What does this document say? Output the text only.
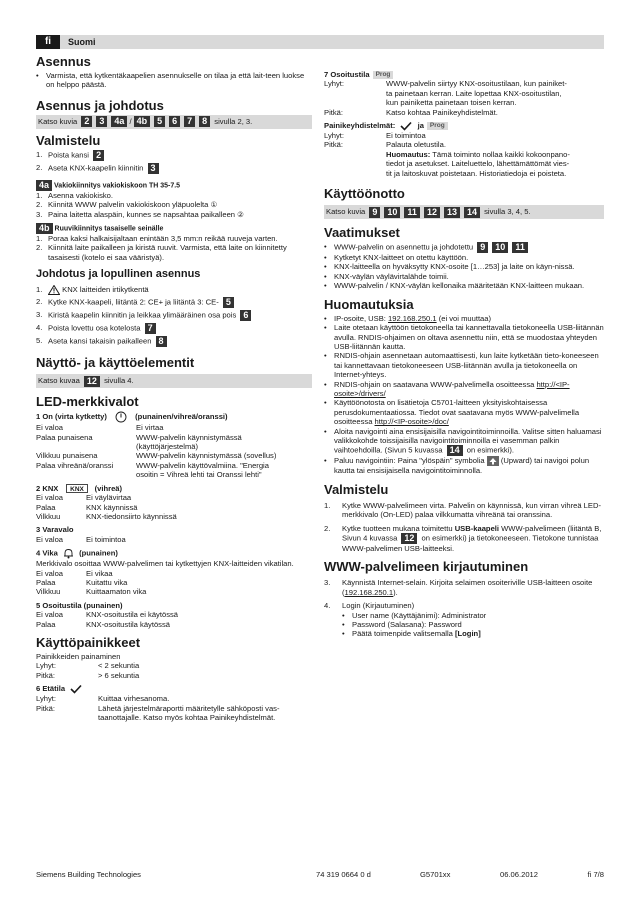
fi	Suomi
Asennus
• Varmista, että kytkentäkaapelien asennukselle on tilaa ja että lait-teen luokse on helppo päästä.
Asennus ja johdotus
Katso kuvia 2 3 4a / 4b 5 6 7 8 sivulla 2, 3.
Valmistelu
1. Poista kansi 2
2. Aseta KNX-kaapelin kiinnitin 3
4a Vakiokiinnitys vakiokiskoon TH 35-7.5
1. Asenna vakiokisko.
2. Kiinnitä WWW palvelin vakiokiskoon yläpuolelta ①
3. Paina laitetta alaspäin, kunnes se napsahtaa paikalleen ②
4b Ruuvikiinnitys tasaiselle seinälle
1. Poraa kaksi halkaisijaltaan enintään 3,5 mm:n reikää ruuveja varten.
2. Kiinnitä laite paikalleen ja kiristä ruuvit. Varmista, että laite on kiinnitetty tasaisesti (kotelo ei saa vääristyä).
Johdotus ja lopullinen asennus
1.	KNX laitteiden irtikytkentä
2. Kytke KNX-kaapeli, liitäntä 2: CE+ ja liitäntä 3: CE- 5
3. Kiristä kaapelin kiinnitin ja leikkaa ylimääräinen osa pois 6
4. Poista lovettu osa kotelosta 7
5. Aseta kansi takaisin paikalleen 8
Näyttö- ja käyttöelementit
Katso kuvaa 12 sivulla 4.
LED-merkkivalot
1 On (virta kytketty)	(punainen/vihreä/oranssi)
Ei valoa	Ei virtaa
Palaa punaisena	WWW-palvelin käynnistymässä
(käyttöjärjestelmä)
Vilkkuu punaisena	WWW-palvelin käynnistymässä (sovellus)
Palaa vihreänä/oranssi	WWW-palvelin käyttövalmiina. "Energia
osoitin = Vihreä lehti tai Oranssi lehti"
2 KNX KNX (vihreä)
Ei valoa	Ei väylävirtaa
Palaa	KNX käynnissä
Vilkkuu	KNX-tiedonsiirto käynnissä
3 Varavalo
Ei valoa	Ei toimintoa
4 Vika	(punainen)
Merkkivalo osoittaa WWW-palvelimen tai kytkettyjen KNX-laitteiden vikatilan.
Ei valoa	Ei vikaa
Palaa	Kuitattu vika
Vilkkuu	Kuittaamaton vika
5 Osoitustila (punainen)
Ei valoa	KNX-osoitustila ei käytössä
Palaa	KNX-osoitustila käytössä
Käyttöpainikkeet
Painikkeiden painaminen
Lyhyt:	< 2 sekuntia
Pitkä:	> 6 sekuntia
6 Etätila
Lyhyt:	Kuittaa virhesanoma.
Pitkä:	Lähetä järjestelmäraportti määritetylle sähköposti vas-
taanottajalle. Katso myös kohtaa Painikeyhdistelmät.
7 Osoitustila Prog
Lyhyt:	WWW-palvelin siirtyy KNX-osoitustilaan, kun painiket-
ta painetaan kerran. Laite lopettaa KNX-osoitustilan,
kun painiketta painetaan toisen kerran.
Pitkä:	Katso kohtaa Painikeyhdistelmät.
Painikeyhdistelmät:	ja Prog
Lyhyt:	Ei toimintoa
Pitkä:	Palauta oletustila.
Huomautus: Tämä toiminto nollaa kaikki kokoonpano-
tiedot ja asetukset. Laiteluettelo, lähettämättömät vies-
tit ja laitoskuvat poistetaan. Historiatiedoja ei poisteta.
Käyttöönotto
Katso kuvia 9 10 11 12 13 14 sivulla 3, 4, 5.
Vaatimukset
• WWW-palvelin on asennettu ja johdotettu 9 10 11
• Kytketyt KNX-laitteet on otettu käyttöön.
• KNX-laitteella on hyväksytty KNX-osoite [1…253] ja laite on käyn-nissä.
• KNX-väylän väylävirtalähde toimii.
• WWW-palvelin / KNX-väylän kellonaika määritetään KNX-laitteen mukaan.
Huomautuksia
• IP-osoite, USB: 192.168.250.1 (ei voi muuttaa)
• Laite otetaan käyttöön tietokoneella tai kannettavalla tietokoneella USB-liitännän avulla. RNDIS-ohjaimen on oltava asennettu niin, että se muodostaa yhteyden USB-liitännän kautta.
• RNDIS-ohjain asennetaan automaattisesti, kun laite kytketään tieto-koneeseen tai kannettavaan tietokoneeseen USB-liitännän avulla ja tietokoneella on Internet-yhteys.
• RNDIS-ohjain on saatavana WWW-palvelimella osoitteessa http://<IP-osoite>/drivers/
• Käyttöönotosta on lisätietoja C5701-laitteen yksityiskohtaisessa perusdokumentaatiossa. Tiedot ovat saatavana myös WWW-palvelimella osoitteessa http://<IP-osoite>/doc/
• Aloita navigointi aina ensisijaisilla navigointitoiminnoilla. Valitse sitten haluamasi valikkokohde toissijaisilla navigointitoiminnoilla ei vasemman palkin vaihtoehdoilla. (Sivun 5 kuvassa 14 on esimerkki).
• Paluu navigointiin: Paina "ylöspäin" symbolia  (Upward) tai navigoi polun kautta tai ensisijaisella navigointitoiminnolla.
Valmistelu
1.	Kytke WWW-palvelimeen virta. Palvelin on käynnissä, kun virran vihreä LED-merkkivalo (On-LED) palaa vilkkumatta vihreänä tai oranssina.
2.	Kytke tuotteen mukana toimitettu USB-kaapeli WWW-palvelimeen (liitäntä B, Sivun 4 kuvassa 12 on esimerkki) ja tietokoneeseen. Tietokone tunnistaa WWW-palvelimen USB-laitteeksi.
WWW-palvelimeen kirjautuminen
3.	Käynnistä Internet-selain. Kirjoita selaimen osoiteriville USB-laitteen osoite (192.168.250.1).
4.	Login (Kirjautuminen)
• User name (Käyttäjänimi): Administrator
• Password (Salasana): Password
• Päätä toimenpide valitsemalla [Login]
Siemens Building Technologies	74 319 0664 0 d	G5701xx	06.06.2012	fi 7/8
